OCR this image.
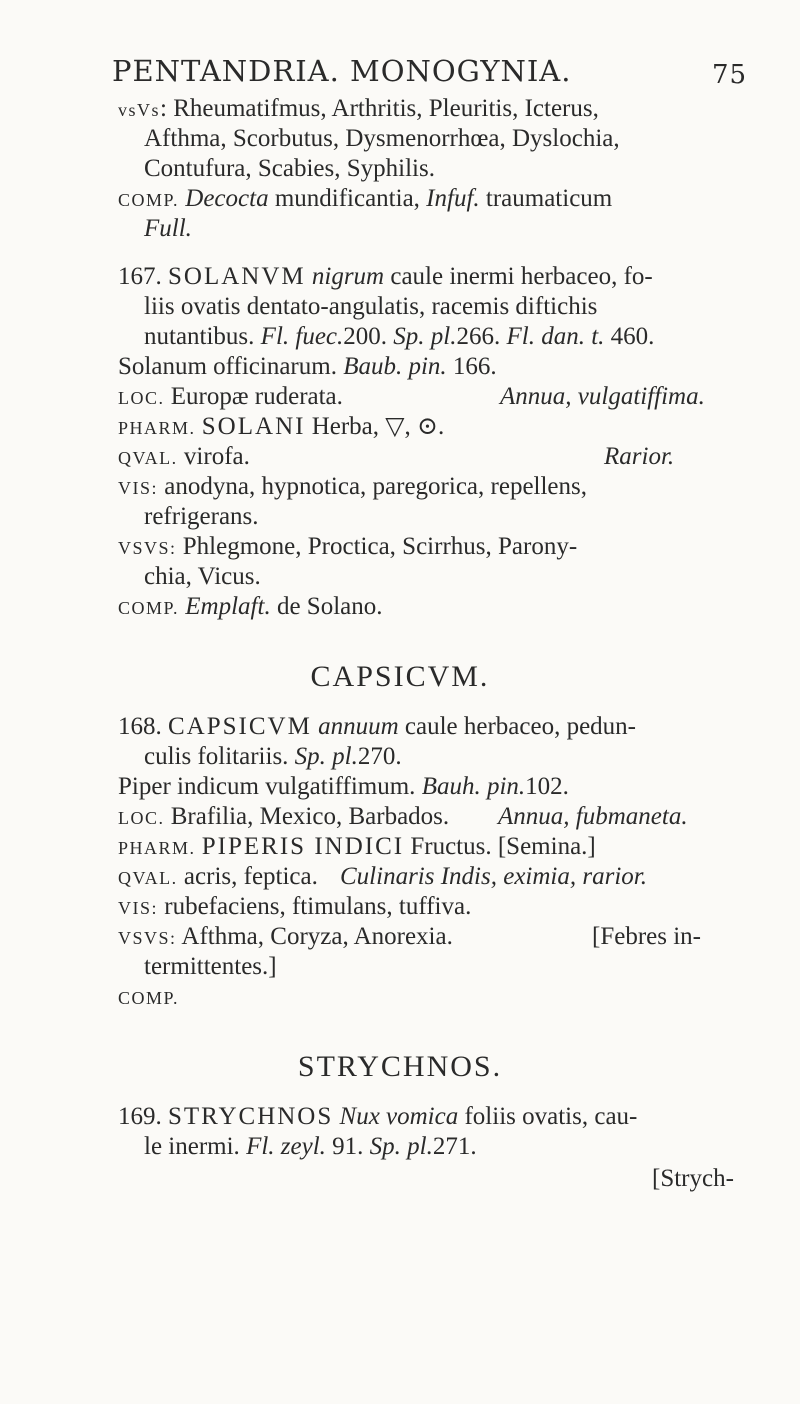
PENTANDRIA. MONOGYNIA.	75
vsVs: Rheumatifmus, Arthritis, Pleuritis, Icterus,
Afthma, Scorbutus, Dysmenorrhœa, Dyslochia,
Contufura, Scabies, Syphilis.
COMP. Decocta mundificantia, Infuf. traumaticum
Full.
167. SOLANVM nigrum caule inermi herbaceo, fo-
liis ovatis dentato-angulatis, racemis diftichis
nutantibus. Fl. fuec.200. Sp. pl.266. Fl. dan. t. 460.
Solanum officinarum. Baub. pin. 166.
LOC. Europæ ruderata.	Annua, vulgatiffima.
PHARM. SOLANI Herba, ▽, ⊙.
QVAL. virofa.	Rarior.
VIS: anodyna, hypnotica, paregorica, repellens,
refrigerans.
VSVS: Phlegmone, Proctica, Scirrhus, Parony-
chia, Vicus.
COMP. Emplaft. de Solano.
CAPSICVM.
168. CAPSICVM annuum caule herbaceo, pedun-
culis folitariis. Sp. pl.270.
Piper indicum vulgatiffimum. Bauh. pin.102.
LOC. Brafilia, Mexico, Barbados. Annua, fubmaneta.
PHARM. PIPERIS INDICI Fructus. [Semina.]
QVAL. acris, feptica. Culinaris Indis, eximia, rarior.
VIS: rubefaciens, ftimulans, tuffiva.
VSVS: Afthma, Coryza, Anorexia.	[Febres in-
termittentes.]
COMP.
STRYCHNOS.
169. STRYCHNOS Nux vomica foliis ovatis, cau-
le inermi. Fl. zeyl. 91. Sp. pl.271.
[Strych-
